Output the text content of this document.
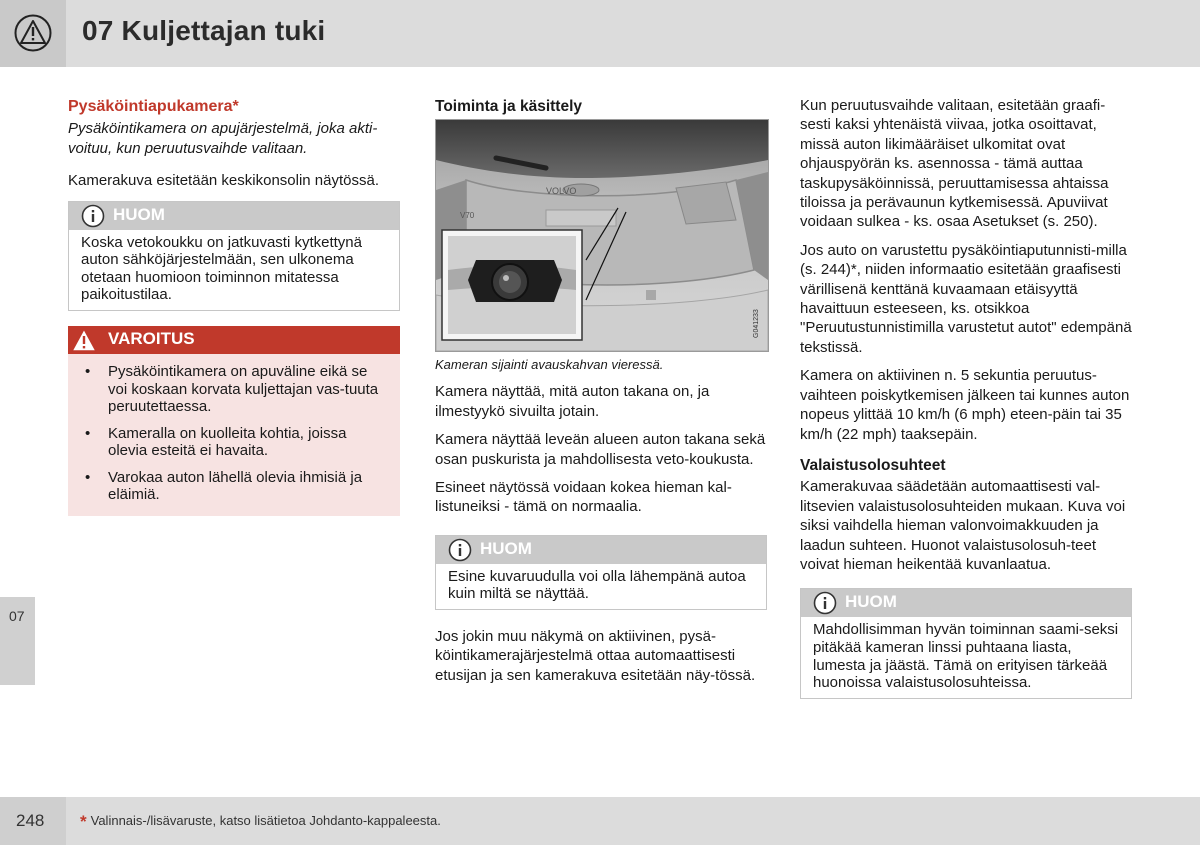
07 Kuljettajan tuki
07
Pysäköintiapukamera*

Pysäköintikamera on apujärjestelmä, joka akti-voituu, kun peruutusvaihde valitaan.

Kamerakuva esitetään keskikonsolin näytössä.

HUOM
Koska vetokoukku on jatkuvasti kytkettynä auton sähköjärjestelmään, sen ulkonema otetaan huomioon toiminnon mitatessa paikoitustilaa.
VAROITUS
• Pysäköintikamera on apuväline eikä se voi koskaan korvata kuljettajan vas-tuuta peruutettaessa.
• Kameralla on kuolleita kohtia, joissa olevia esteitä ei havaita.
• Varokaa auton lähellä olevia ihmisiä ja eläimiä.
Toiminta ja käsittely
VOLVO
V70
G041233
Kameran sijainti avauskahvan vieressä.

Kamera näyttää, mitä auton takana on, ja ilmestyykö sivuilta jotain.

Kamera näyttää leveän alueen auton takana sekä osan puskurista ja mahdollisesta veto-koukusta.

Esineet näytössä voidaan kokea hieman kal-listuneiksi - tämä on normaalia.

HUOM
Esine kuvaruudulla voi olla lähempänä autoa kuin miltä se näyttää.

Jos jokin muu näkymä on aktiivinen, pysä-köintikamerajärjestelmä ottaa automaattisesti etusijan ja sen kamerakuva esitetään näy-tössä.

Kun peruutusvaihde valitaan, esitetään graafi-sesti kaksi yhtenäistä viivaa, jotka osoittavat, missä auton likimääräiset ulkomitat ovat ohjauspyörän ks. asennossa - tämä auttaa taskupysäköinnissä, peruuttamisessa ahtaissa tiloissa ja perävaunun kytkemisessä. Apuviivat voidaan sulkea - ks. osaa Asetukset (s. 250).

Jos auto on varustettu pysäköintiaputunnisti-milla (s. 244)*, niiden informaatio esitetään graafisesti värillisenä kenttänä kuvaamaan etäisyyttä havaittuun esteeseen, ks. otsikkoa "Peruutustunnistimilla varustetut autot" edempänä tekstissä.

Kamera on aktiivinen n. 5 sekuntia peruutus-vaihteen poiskytkemisen jälkeen tai kunnes auton nopeus ylittää 10 km/h (6 mph) eteen-päin tai 35 km/h (22 mph) taaksepäin.

Valaistusolosuhteet

Kamerakuvaa säädetään automaattisesti val-litsevien valaistusolosuhteiden mukaan. Kuva voi siksi vaihdella hieman valonvoimakkuuden ja laadun suhteen. Huonot valaistusolosuh-teet voivat hieman heikentää kuvanlaatua.

HUOM
Mahdollisimman hyvän toiminnan saami-seksi pitäkää kameran linssi puhtaana liasta, lumesta ja jäästä. Tämä on erityisen tärkeää huonoissa valaistusolosuhteissa.
248 * Valinnais-/lisävaruste, katso lisätietoa Johdanto-kappaleesta.
